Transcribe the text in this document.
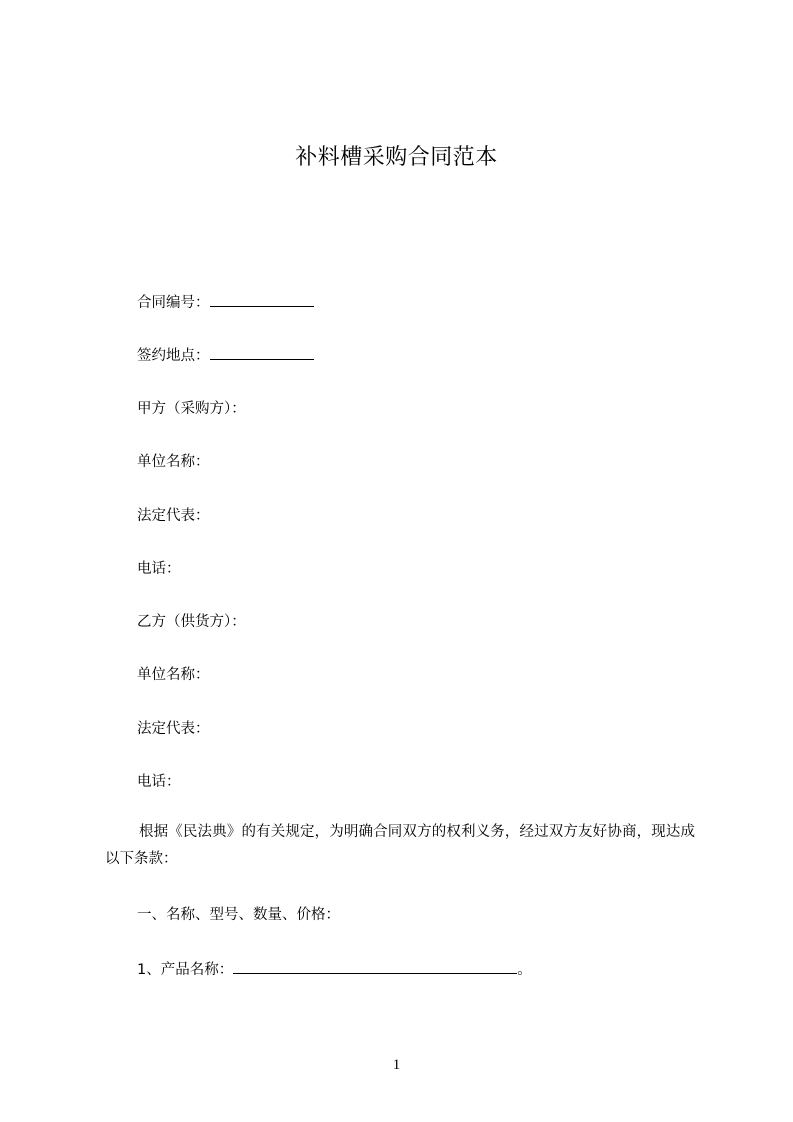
补料槽采购合同范本
合同编号：
签约地点：
甲方（采购方）：
单位名称：
法定代表：
电话：
乙方（供货方）：
单位名称：
法定代表：
电话：
根据《民法典》的有关规定，为明确合同双方的权利义务，经过双方友好协商，现达成以下条款：
一、名称、型号、数量、价格：
1、产品名称：	。
1
